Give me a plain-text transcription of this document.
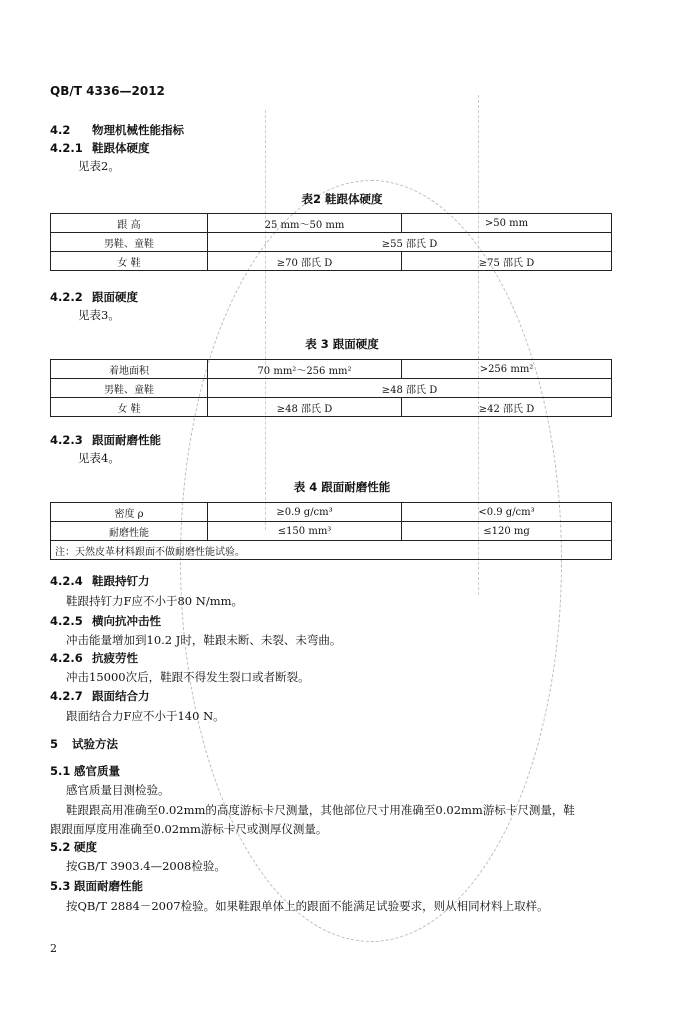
QB/T 4336—2012
4.2 物理机械性能指标
4.2.1 鞋跟体硬度
见表2。
表2 鞋跟体硬度
跟 高	25 mm～50 mm	>50 mm
男鞋、童鞋	≥55 邵氏 D	
女 鞋	≥70 邵氏 D	≥75 邵氏 D
4.2.2 跟面硬度
见表3。
表 3 跟面硬度
着地面积	70 mm²～256 mm²	>256 mm²
男鞋、童鞋	≥48 邵氏 D	
女 鞋	≥48 邵氏 D	≥42 邵氏 D
4.2.3 跟面耐磨性能
见表4。
表 4 跟面耐磨性能
密度 ρ	≥0.9 g/cm³	<0.9 g/cm³
耐磨性能	≤150 mm³	≤120 mg
注：天然皮革材料跟面不做耐磨性能试验。		
4.2.4 鞋跟持钉力
鞋跟持钉力F应不小于80 N/mm。
4.2.5 横向抗冲击性
冲击能量增加到10.2 J时，鞋跟未断、未裂、未弯曲。
4.2.6 抗疲劳性
冲击15000次后，鞋跟不得发生裂口或者断裂。
4.2.7 跟面结合力
跟面结合力F应不小于140 N。
5 试验方法
5.1 感官质量
感官质量目测检验。
鞋跟跟高用准确至0.02mm的高度游标卡尺测量，其他部位尺寸用准确至0.02mm游标卡尺测量，鞋
跟跟面厚度用准确至0.02mm游标卡尺或测厚仪测量。
5.2 硬度
按GB/T 3903.4—2008检验。
5.3 跟面耐磨性能
按QB/T 2884－2007检验。如果鞋跟单体上的跟面不能满足试验要求，则从相同材料上取样。
2
